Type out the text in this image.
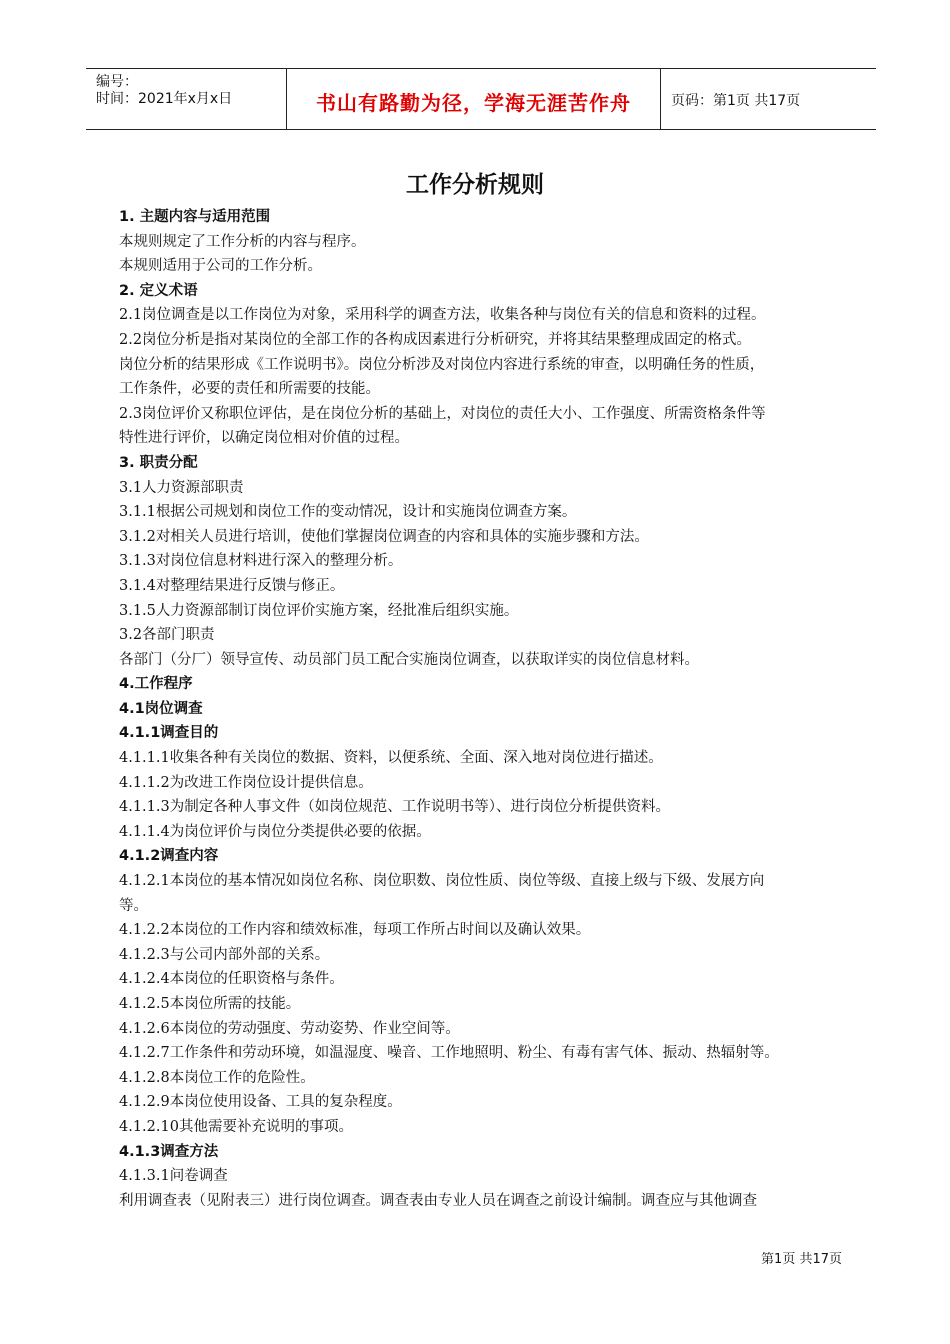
编号：
时间：2021年x月x日	书山有路勤为径，学海无涯苦作舟	页码：第1页 共17页
工作分析规则

1. 主题内容与适用范围

本规则规定了工作分析的内容与程序。

本规则适用于公司的工作分析。

2. 定义术语

2.1岗位调查是以工作岗位为对象，采用科学的调查方法，收集各种与岗位有关的信息和资料的过程。

2.2岗位分析是指对某岗位的全部工作的各构成因素进行分析研究，并将其结果整理成固定的格式。

岗位分析的结果形成《工作说明书》。岗位分析涉及对岗位内容进行系统的审查，以明确任务的性质，

工作条件，必要的责任和所需要的技能。

2.3岗位评价又称职位评估，是在岗位分析的基础上，对岗位的责任大小、工作强度、所需资格条件等

特性进行评价，以确定岗位相对价值的过程。

3. 职责分配

3.1人力资源部职责

3.1.1根据公司规划和岗位工作的变动情况，设计和实施岗位调查方案。

3.1.2对相关人员进行培训，使他们掌握岗位调查的内容和具体的实施步骤和方法。

3.1.3对岗位信息材料进行深入的整理分析。

3.1.4对整理结果进行反馈与修正。

3.1.5人力资源部制订岗位评价实施方案，经批准后组织实施。

3.2各部门职责

各部门（分厂）领导宣传、动员部门员工配合实施岗位调查，以获取详实的岗位信息材料。

4.工作程序

4.1岗位调查

4.1.1调查目的

4.1.1.1收集各种有关岗位的数据、资料，以便系统、全面、深入地对岗位进行描述。

4.1.1.2为改进工作岗位设计提供信息。

4.1.1.3为制定各种人事文件（如岗位规范、工作说明书等）、进行岗位分析提供资料。

4.1.1.4为岗位评价与岗位分类提供必要的依据。

4.1.2调查内容

4.1.2.1本岗位的基本情况如岗位名称、岗位职数、岗位性质、岗位等级、直接上级与下级、发展方向

等。

4.1.2.2本岗位的工作内容和绩效标准，每项工作所占时间以及确认效果。

4.1.2.3与公司内部外部的关系。

4.1.2.4本岗位的任职资格与条件。

4.1.2.5本岗位所需的技能。

4.1.2.6本岗位的劳动强度、劳动姿势、作业空间等。

4.1.2.7工作条件和劳动环境，如温湿度、噪音、工作地照明、粉尘、有毒有害气体、振动、热辐射等。

4.1.2.8本岗位工作的危险性。

4.1.2.9本岗位使用设备、工具的复杂程度。

4.1.2.10其他需要补充说明的事项。

4.1.3调查方法

4.1.3.1问卷调查

利用调查表（见附表三）进行岗位调查。调查表由专业人员在调查之前设计编制。调查应与其他调查

第1页 共17页
